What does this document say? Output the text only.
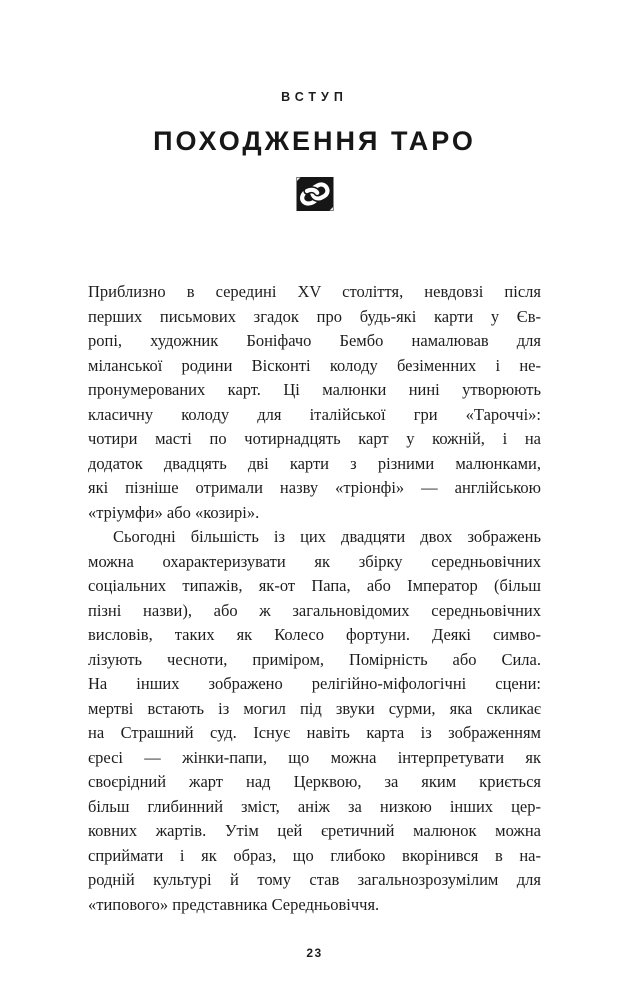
ВСТУП
ПОХОДЖЕННЯ ТАРО
Приблизно в середині XV століття, невдовзі після
перших письмових згадок про будь-які карти у Єв-
ропі, художник Боніфачо Бембо намалював для
міланської родини Вісконті колоду безіменних і не-
пронумерованих карт. Ці малюнки нині утворюють
класичну колоду для італійської гри «Тароччі»:
чотири масті по чотирнадцять карт у кожній, і на
додаток двадцять дві карти з різними малюнками,
які пізніше отримали назву «тріонфі» — англійською
«тріумфи» або «козирі».
Сьогодні більшість із цих двадцяти двох зображень
можна охарактеризувати як збірку середньовічних
соціальних типажів, як-от Папа, або Імператор (більш
пізні назви), або ж загальновідомих середньовічних
висловів, таких як Колесо фортуни. Деякі симво-
лізують чесноти, приміром, Помірність або Сила.
На інших зображено релігійно-міфологічні сцени:
мертві встають із могил під звуки сурми, яка скликає
на Страшний суд. Існує навіть карта із зображенням
єресі — жінки-папи, що можна інтерпретувати як
своєрідний жарт над Церквою, за яким криється
більш глибинний зміст, аніж за низкою інших цер-
ковних жартів. Утім цей єретичний малюнок можна
сприймати і як образ, що глибоко вкорінився в на-
родній культурі й тому став загальнозрозумілим для
«типового» представника Середньовіччя.
23
